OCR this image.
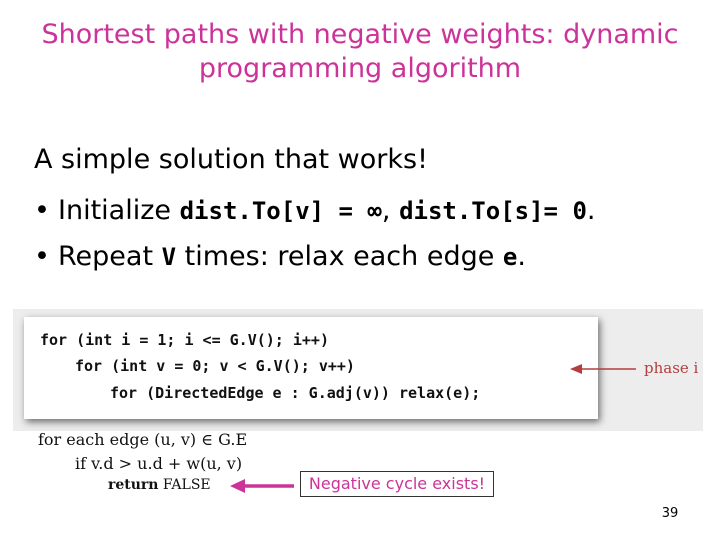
Shortest paths with negative weights: dynamic
programming algorithm
A simple solution that works!
• Initialize dist.To[v] = ∞, dist.To[s]= 0.
• Repeat V times: relax each edge e.
for (int i = 1; i <= G.V(); i++)
for (int v = 0; v < G.V(); v++)
for (DirectedEdge e : G.adj(v)) relax(e);
phase i
for each edge (u, v) ∈ G.E
if v.d > u.d + w(u, v)
return FALSE	Negative cycle exists!
39
